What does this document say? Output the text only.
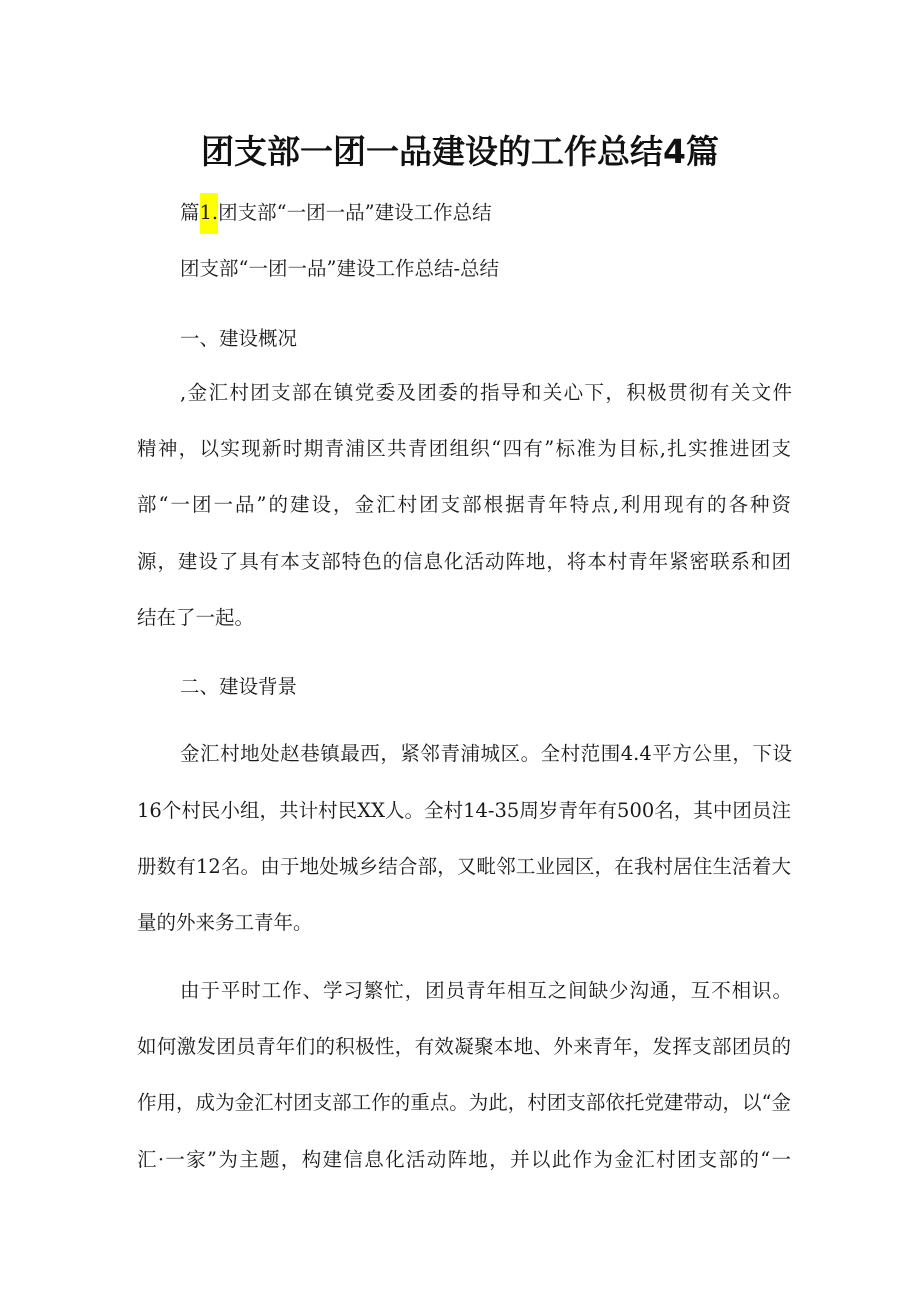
团支部一团一品建设的工作总结4篇
篇1.团支部“一团一品”建设工作总结
团支部“一团一品”建设工作总结-总结
一、建设概况
,金汇村团支部在镇党委及团委的指导和关心下，积极贯彻有关文件
精神，以实现新时期青浦区共青团组织“四有”标准为目标,扎实推进团支
部“一团一品”的建设，金汇村团支部根据青年特点,利用现有的各种资
源，建设了具有本支部特色的信息化活动阵地，将本村青年紧密联系和团
结在了一起。
二、建设背景
金汇村地处赵巷镇最西，紧邻青浦城区。全村范围4.4平方公里，下设
16个村民小组，共计村民XX人。全村14-35周岁青年有500名，其中团员注
册数有12名。由于地处城乡结合部，又毗邻工业园区，在我村居住生活着大
量的外来务工青年。
由于平时工作、学习繁忙，团员青年相互之间缺少沟通，互不相识。
如何激发团员青年们的积极性，有效凝聚本地、外来青年，发挥支部团员的
作用，成为金汇村团支部工作的重点。为此，村团支部依托党建带动，以“金
汇·一家”为主题，构建信息化活动阵地，并以此作为金汇村团支部的“一
